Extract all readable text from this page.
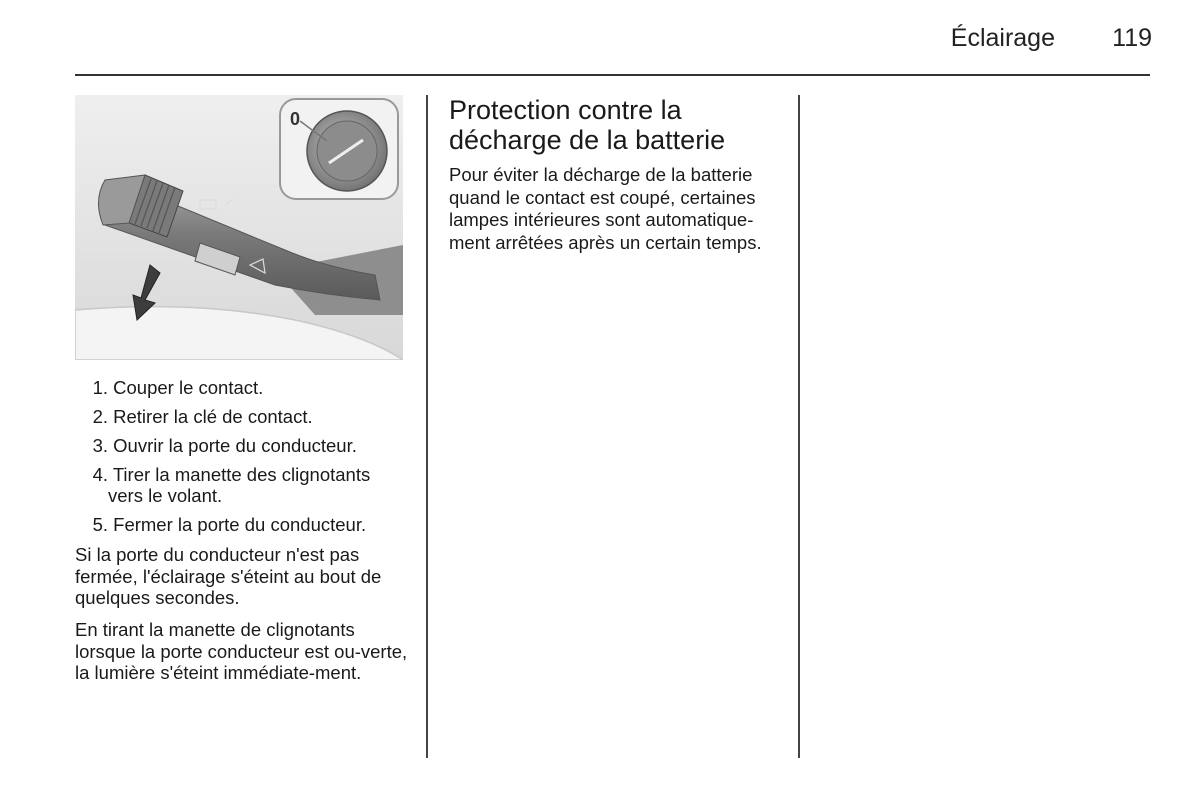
Éclairage 119
0
1. Couper le contact.
2. Retirer la clé de contact.
3. Ouvrir la porte du conducteur.
4. Tirer la manette des clignotants vers le volant.
5. Fermer la porte du conducteur.

Si la porte du conducteur n'est pas fermée, l'éclairage s'éteint au bout de quelques secondes.

En tirant la manette de clignotants lorsque la porte conducteur est ou-verte, la lumière s'éteint immédiate-ment.

Protection contre la décharge de la batterie

Pour éviter la décharge de la batterie quand le contact est coupé, certaines lampes intérieures sont automatique-ment arrêtées après un certain temps.
